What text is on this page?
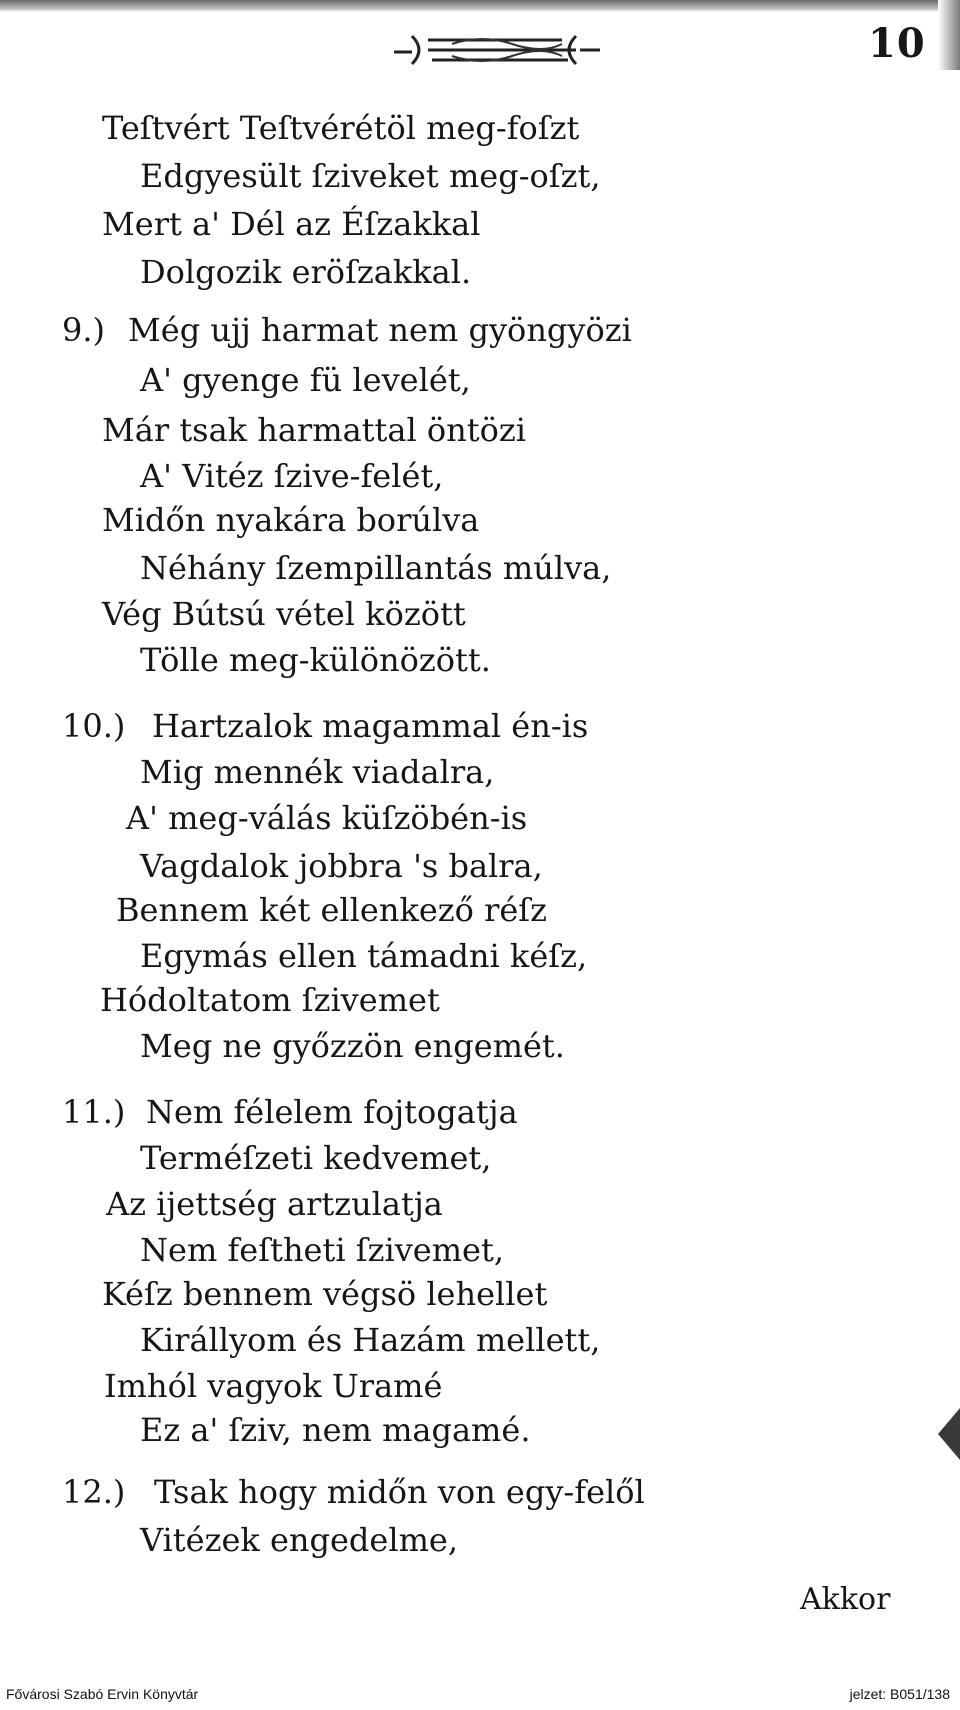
10
Teſtvért Teſtvérétöl meg-foſzt
Edgyesült ſziveket meg-oſzt,
Mert a' Dél az Éſzakkal
Dolgozik eröſzakkal.
9.) Még ujj harmat nem gyöngyözi
A' gyenge fü levelét,
Már tsak harmattal öntözi
A' Vitéz ſzive-felét,
Midőn nyakára borúlva
Néhány ſzempillantás múlva,
Vég Bútsú vétel között
Tölle meg-különözött.
10.) Hartzalok magammal én-is
Mig mennék viadalra,
A' meg-válás küſzöbén-is
Vagdalok jobbra 's balra,
Bennem két ellenkező réſz
Egymás ellen támadni kéſz,
Hódoltatom ſzivemet
Meg ne győzzön engemét.
11.) Nem félelem fojtogatja
Terméſzeti kedvemet,
Az ijettség artzulatja
Nem feſtheti ſzivemet,
Kéſz bennem végsö lehellet
Királlyom és Hazám mellett,
Imhól vagyok Uramé
Ez a' ſziv, nem magamé.
12.) Tsak hogy midőn von egy-felől
Vitézek engedelme,
Akkor
Fővárosi Szabó Ervin Könyvtár	jelzet: B051/138
